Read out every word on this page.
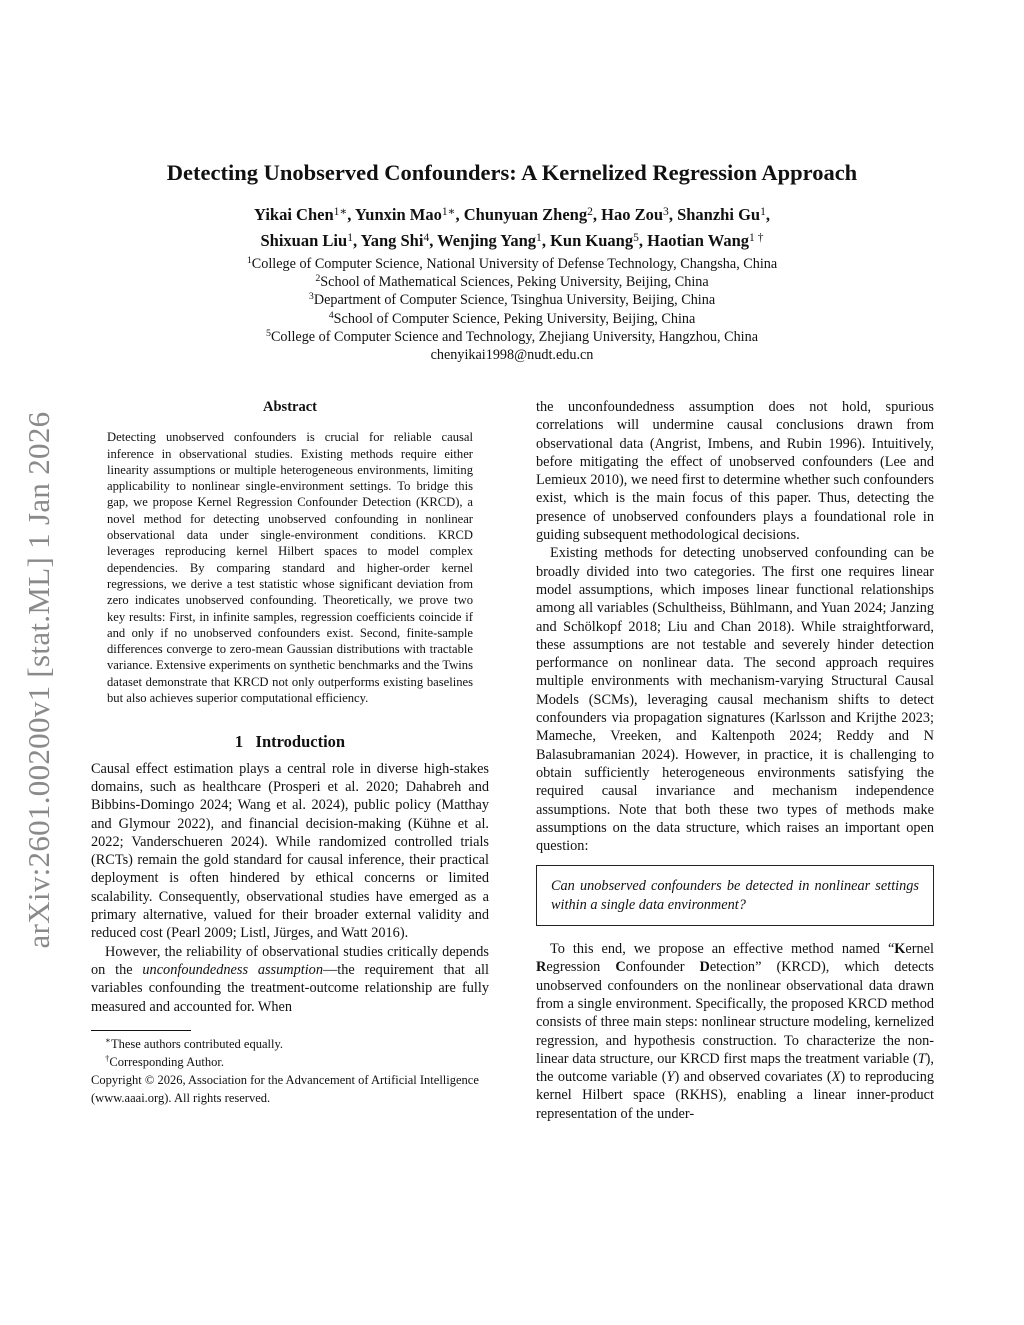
arXiv:2601.00200v1 [stat.ML] 1 Jan 2026
Detecting Unobserved Confounders: A Kernelized Regression Approach
Yikai Chen$^{1∗}$, Yunxin Mao$^{1∗}$, Chunyuan Zheng$^2$, Hao Zou$^3$, Shanzhi Gu$^1$,
Shixuan Liu$^1$, Yang Shi$^4$, Wenjing Yang$^1$, Kun Kuang$^5$, Haotian Wang$^{1 \dagger}$
$^1$College of Computer Science, National University of Defense Technology, Changsha, China
$^2$School of Mathematical Sciences, Peking University, Beijing, China
$^3$Department of Computer Science, Tsinghua University, Beijing, China
$^4$School of Computer Science, Peking University, Beijing, China
$^5$College of Computer Science and Technology, Zhejiang University, Hangzhou, China
chenyikai1998@nudt.edu.cn
Abstract

Detecting unobserved confounders is crucial for reliable causal inference in observational studies. Existing methods require either linearity assumptions or multiple heterogeneous environments, limiting applicability to nonlinear single-environment settings. To bridge this gap, we propose Kernel Regression Confounder Detection (KRCD), a novel method for detecting unobserved confounding in nonlinear observational data under single-environment conditions. KRCD leverages reproducing kernel Hilbert spaces to model complex dependencies. By comparing standard and higher-order kernel regressions, we derive a test statistic whose significant deviation from zero indicates unobserved confounding. Theoretically, we prove two key results: First, in infinite samples, regression coefficients coincide if and only if no unobserved confounders exist. Second, finite-sample differences converge to zero-mean Gaussian distributions with tractable variance. Extensive experiments on synthetic benchmarks and the Twins dataset demonstrate that KRCD not only outperforms existing baselines but also achieves superior computational efficiency.

1 Introduction

Causal effect estimation plays a central role in diverse high-stakes domains, such as healthcare (Prosperi et al. 2020; Dahabreh and Bibbins-Domingo 2024; Wang et al. 2024), public policy (Matthay and Glymour 2022), and financial decision-making (Kühne et al. 2022; Vanderschueren 2024). While randomized controlled trials (RCTs) remain the gold standard for causal inference, their practical deployment is often hindered by ethical concerns or limited scalability. Consequently, observational studies have emerged as a primary alternative, valued for their broader external validity and reduced cost (Pearl 2009; Listl, Jürges, and Watt 2016).

However, the reliability of observational studies critically depends on the unconfoundedness assumption—the requirement that all variables confounding the treatment-outcome relationship are fully measured and accounted for. When

∗These authors contributed equally.

†Corresponding Author.

Copyright © 2026, Association for the Advancement of Artificial Intelligence (www.aaai.org). All rights reserved.

the unconfoundedness assumption does not hold, spurious correlations will undermine causal conclusions drawn from observational data (Angrist, Imbens, and Rubin 1996). Intuitively, before mitigating the effect of unobserved confounders (Lee and Lemieux 2010), we need first to determine whether such confounders exist, which is the main focus of this paper. Thus, detecting the presence of unobserved confounders plays a foundational role in guiding subsequent methodological decisions.

Existing methods for detecting unobserved confounding can be broadly divided into two categories. The first one requires linear model assumptions, which imposes linear functional relationships among all variables (Schultheiss, Bühlmann, and Yuan 2024; Janzing and Schölkopf 2018; Liu and Chan 2018). While straightforward, these assumptions are not testable and severely hinder detection performance on nonlinear data. The second approach requires multiple environments with mechanism-varying Structural Causal Models (SCMs), leveraging causal mechanism shifts to detect confounders via propagation signatures (Karlsson and Krijthe 2023; Mameche, Vreeken, and Kaltenpoth 2024; Reddy and N Balasubramanian 2024). However, in practice, it is challenging to obtain sufficiently heterogeneous environments satisfying the required causal invariance and mechanism independence assumptions. Note that both these two types of methods make assumptions on the data structure, which raises an important open question:

Can unobserved confounders be detected in nonlinear settings within a single data environment?

To this end, we propose an effective method named “Kernel Regression Confounder Detection” (KRCD), which detects unobserved confounders on the nonlinear observational data drawn from a single environment. Specifically, the proposed KRCD method consists of three main steps: nonlinear structure modeling, kernelized regression, and hypothesis construction. To characterize the non-linear data structure, our KRCD first maps the treatment variable (T), the outcome variable (Y) and observed covariates (X) to reproducing kernel Hilbert space (RKHS), enabling a linear inner-product representation of the under-
